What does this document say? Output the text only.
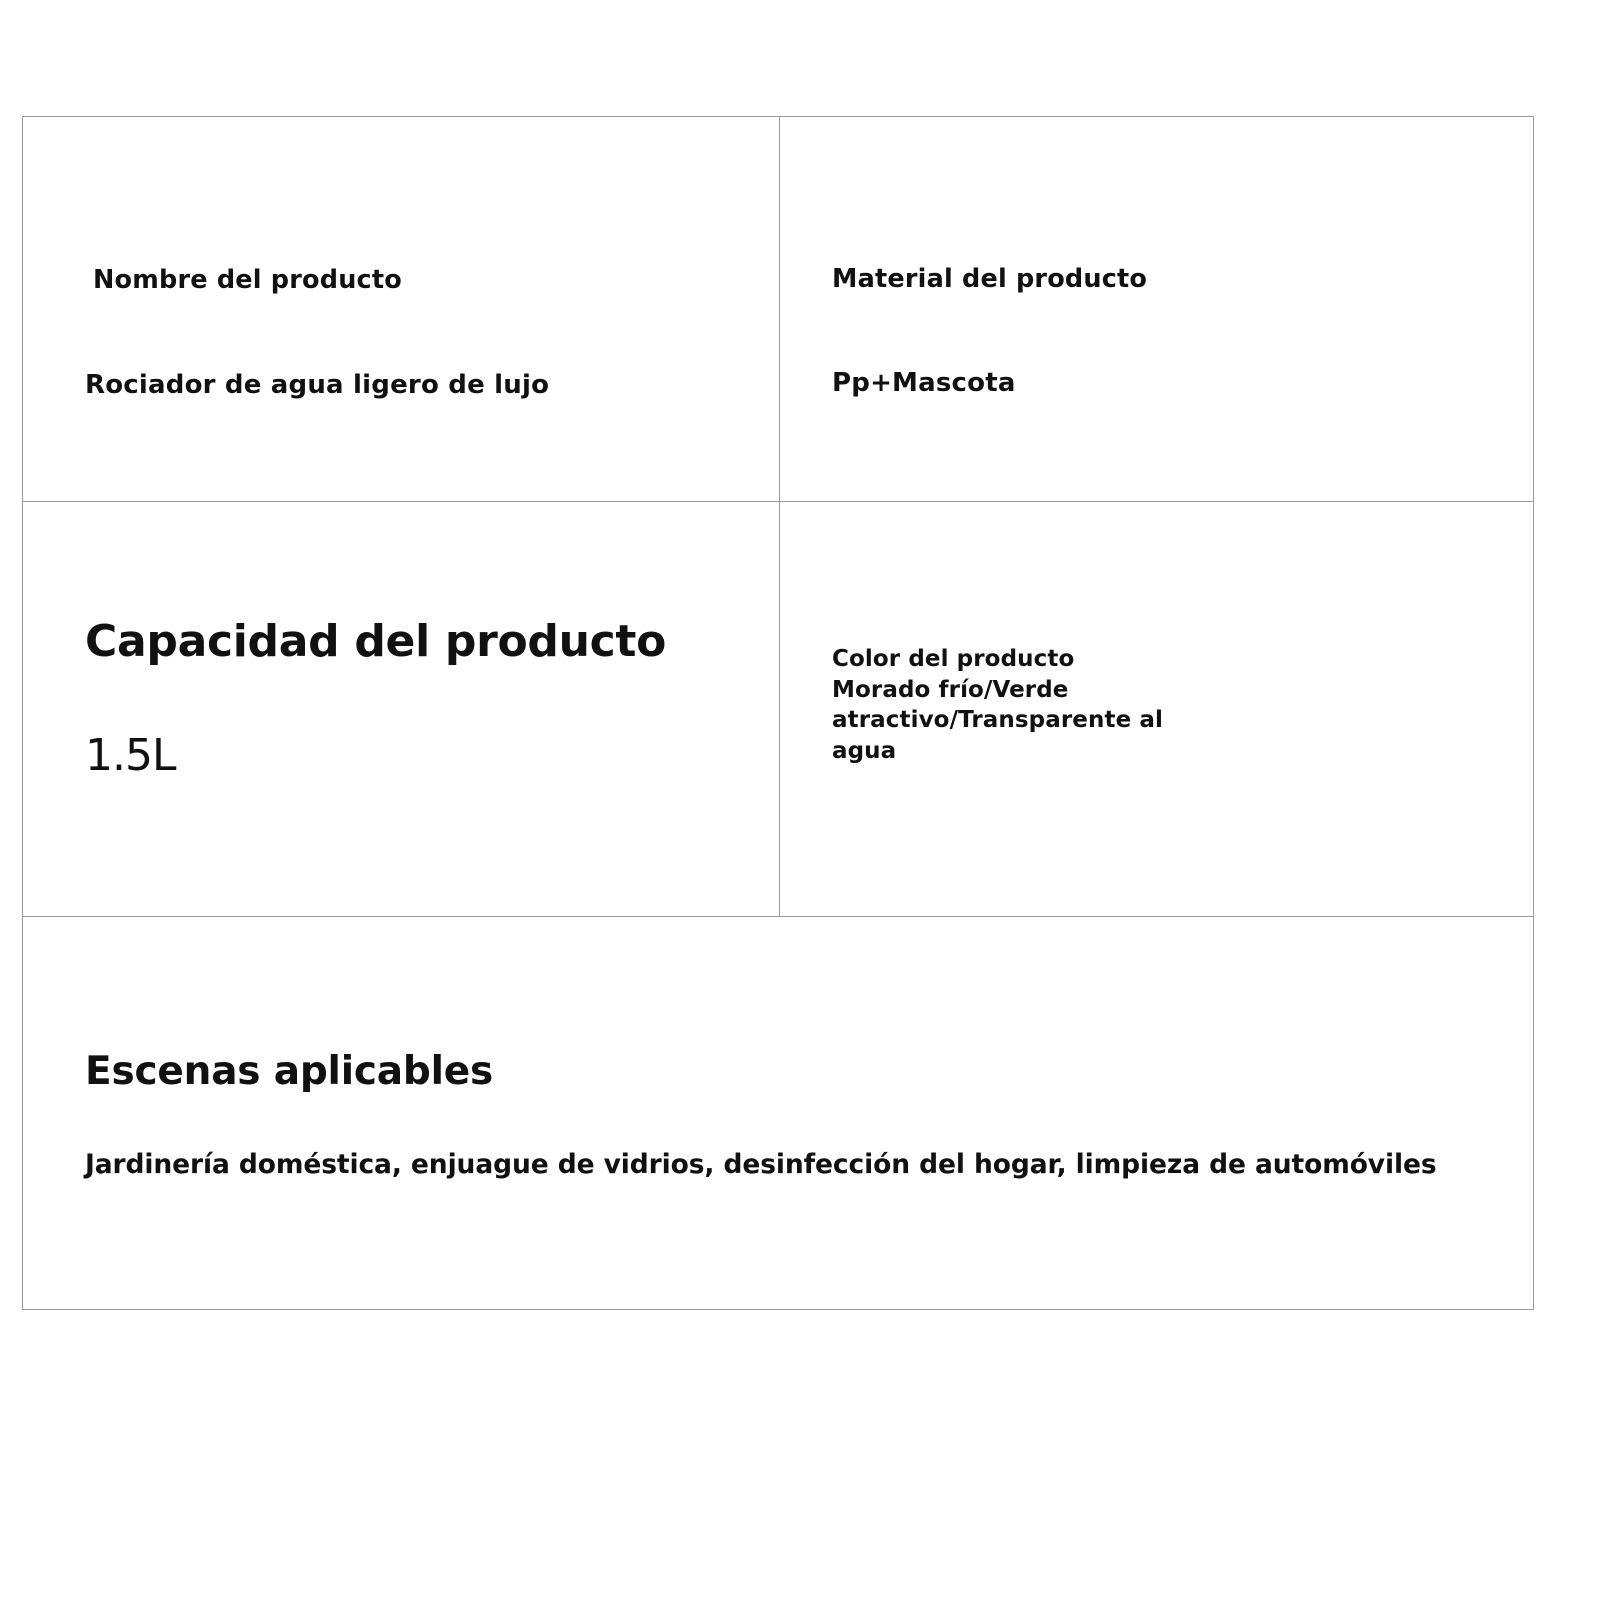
Nombre del producto
Rociador de agua ligero de lujo
Material del producto
Pp+Mascota
Capacidad del producto
1.5L
Color del producto
Morado frío/Verde atractivo/Transparente al agua
Escenas aplicables
Jardinería doméstica, enjuague de vidrios, desinfección del hogar, limpieza de automóviles
